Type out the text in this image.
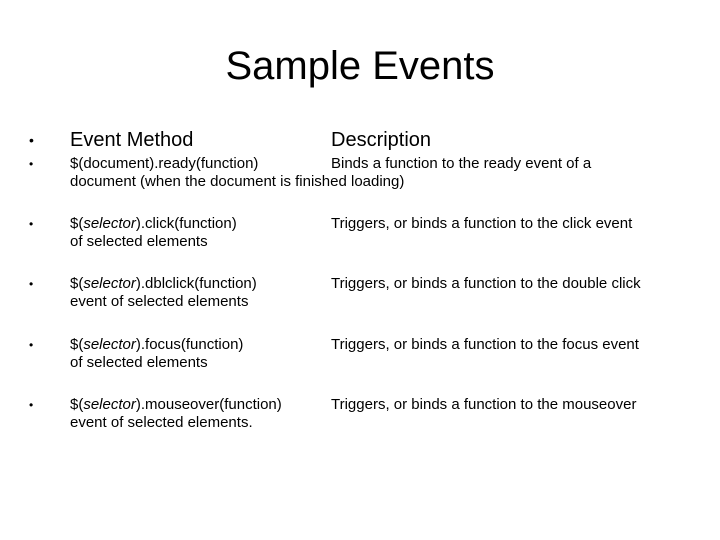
Sample Events
• Event Method	Description
• $(document).ready(function)	Binds a function to the ready event of a
document (when the document is finished loading)
• $(selector).click(function)
of selected elements
Triggers, or binds a function to the click event
• $(selector).dblclick(function)
event of selected elements
Triggers, or binds a function to the double click
• $(selector).focus(function)
of selected elements
Triggers, or binds a function to the focus event
• $(selector).mouseover(function)
event of selected elements.
Triggers, or binds a function to the mouseover
